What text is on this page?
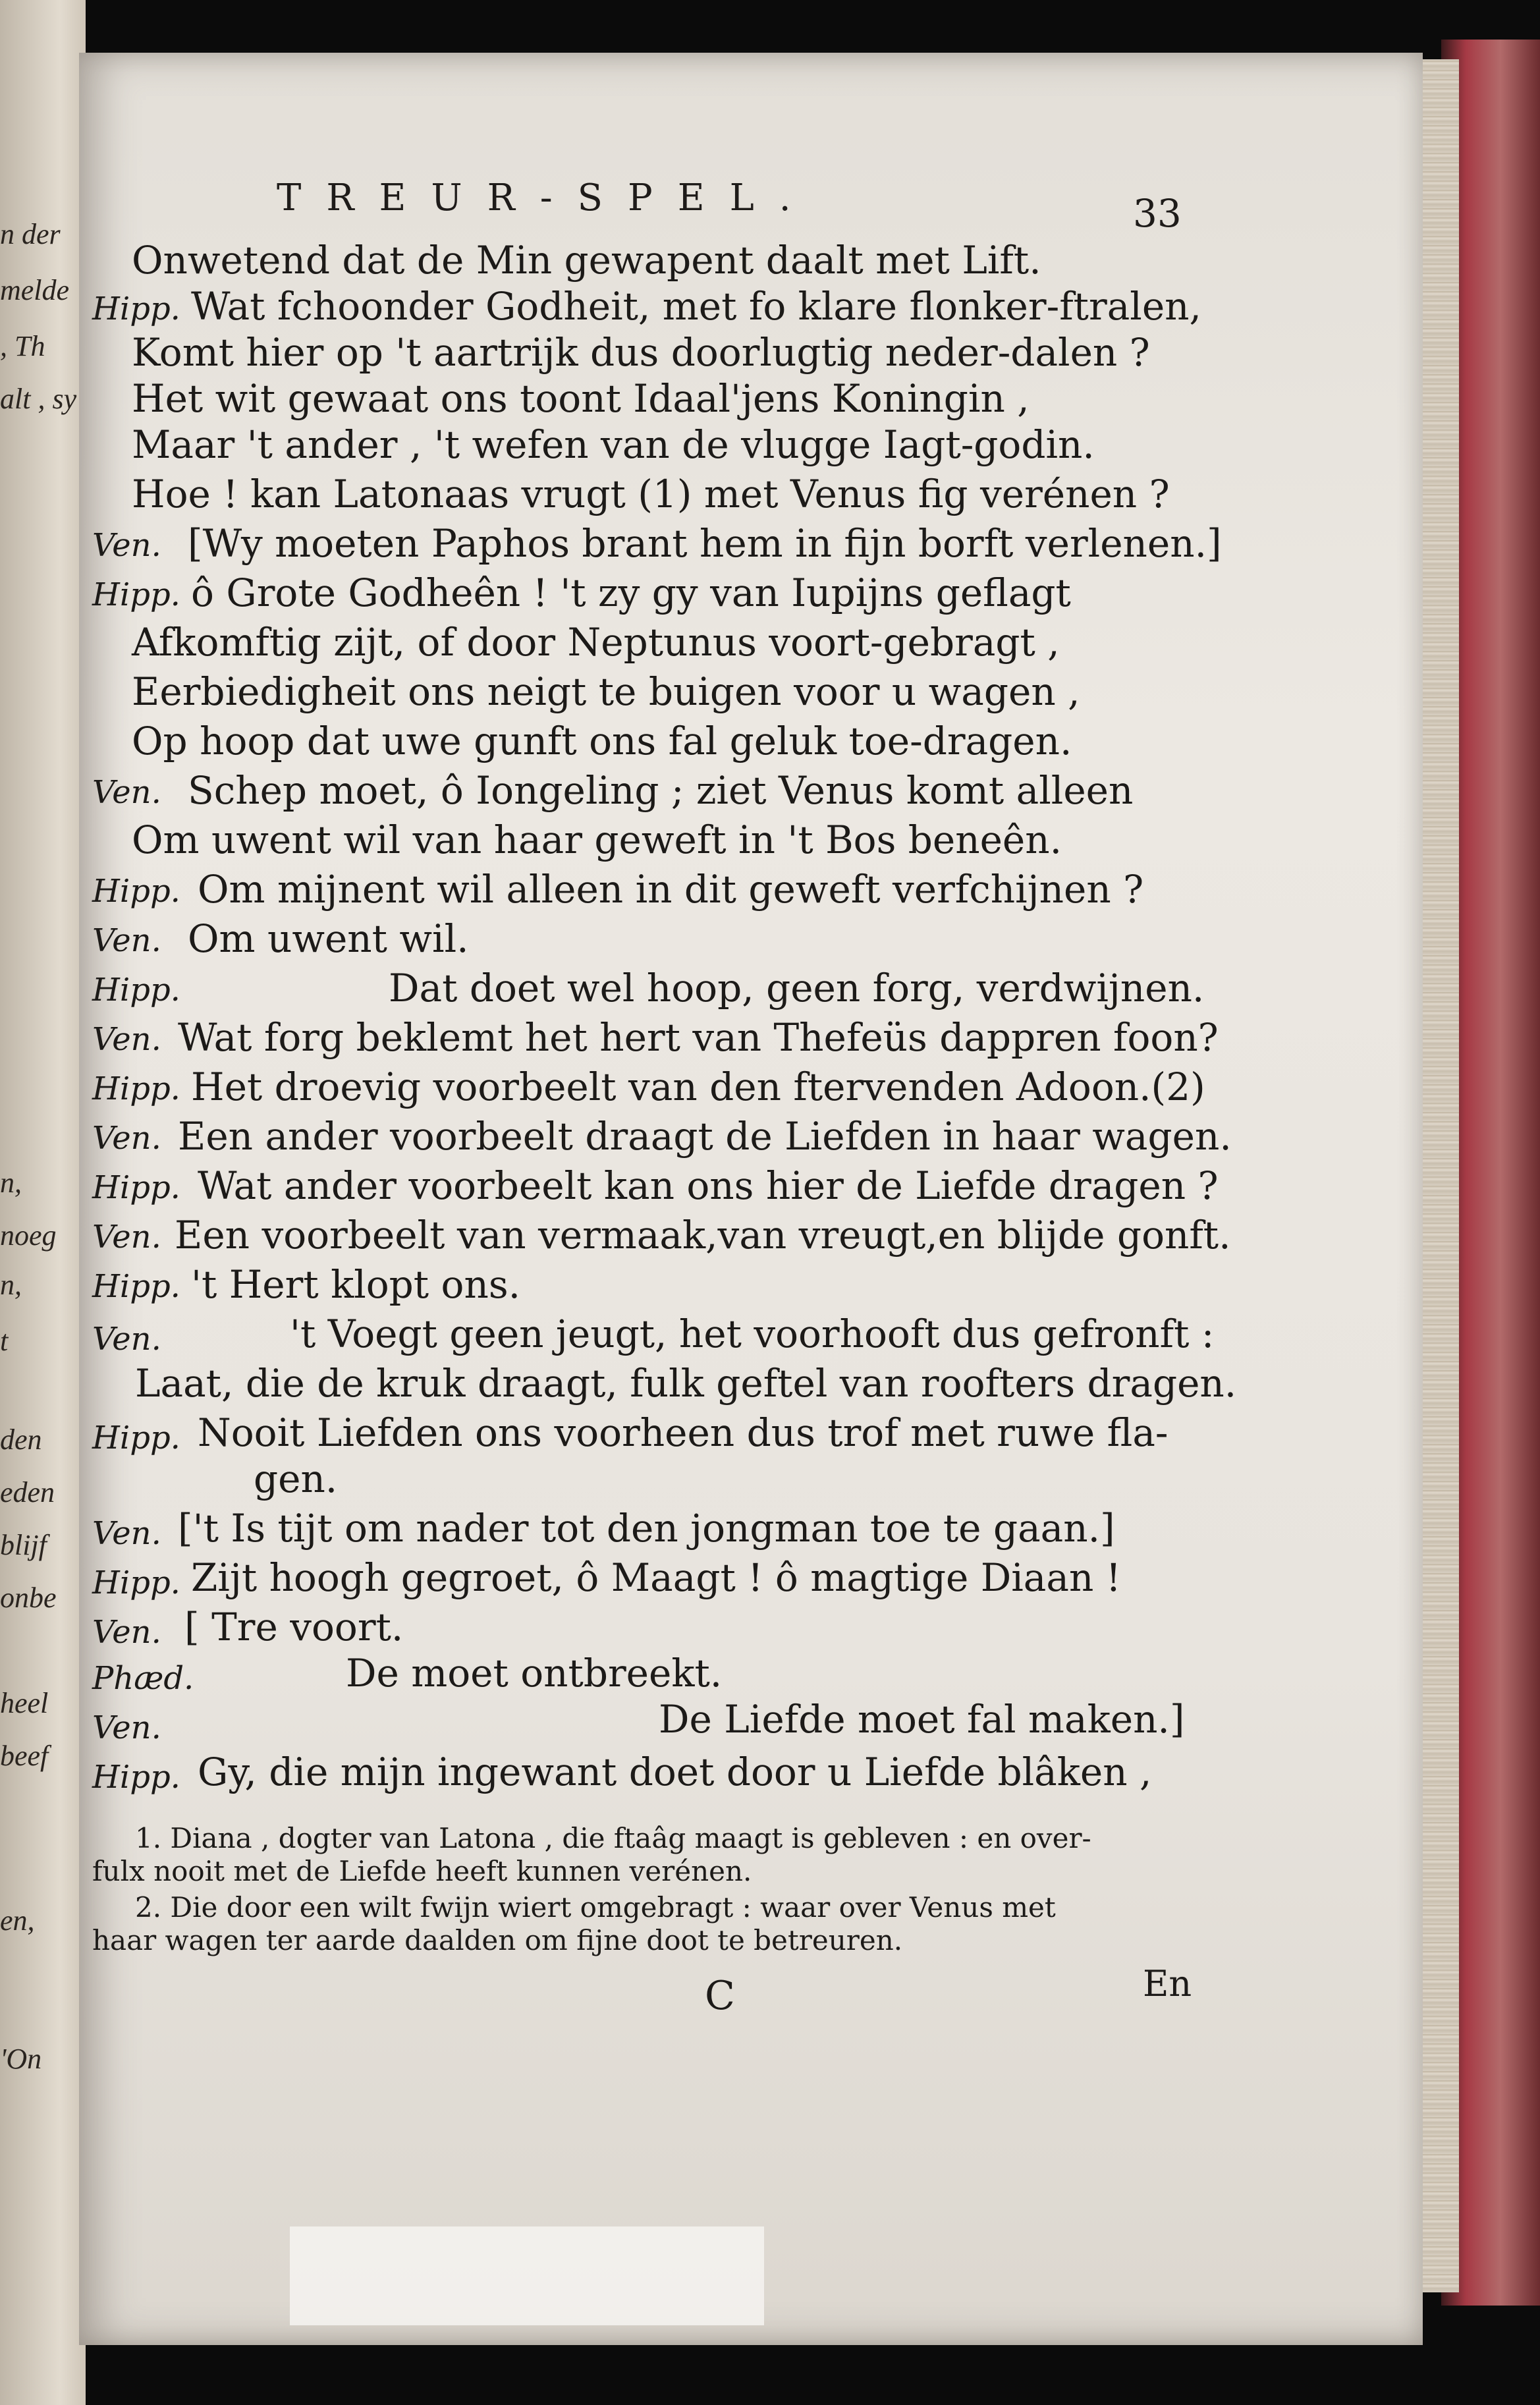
n der
melde
, Th
alt , sy
n,
noeg
n,
t
den
eden
blijf
onbe
heel
beef
en,
'On
TREUR-SPEL.	33
Onwetend dat de Min gewapent daalt met Lift.
Hipp. Wat fchoonder Godheit, met fo klare flonker-ftralen,
Komt hier op 't aartrijk dus doorlugtig neder-dalen ?
Het wit gewaat ons toont Idaal'jens Koningin ,
Maar 't ander , 't wefen van de vlugge Iagt-godin.
Hoe ! kan Latonaas vrugt (1) met Venus fig verénen ?
Ven. [Wy moeten Paphos brant hem in fijn borft verlenen.]
Hipp. ô Grote Godheên ! 't zy gy van Iupijns geflagt
Afkomftig zijt, of door Neptunus voort-gebragt ,
Eerbiedigheit ons neigt te buigen voor u wagen ,
Op hoop dat uwe gunft ons fal geluk toe-dragen.
Ven. Schep moet, ô Iongeling ; ziet Venus komt alleen
Om uwent wil van haar geweft in 't Bos beneên.
Hipp. Om mijnent wil alleen in dit geweft verfchijnen ?
Ven. Om uwent wil.
Hipp.	Dat doet wel hoop, geen forg, verdwijnen.
Ven. Wat forg beklemt het hert van Thefeüs dappren foon?
Hipp. Het droevig voorbeelt van den ftervenden Adoon.(2)
Ven. Een ander voorbeelt draagt de Liefden in haar wagen.
Hipp. Wat ander voorbeelt kan ons hier de Liefde dragen ?
Ven. Een voorbeelt van vermaak,van vreugt,en blijde gonft.
Hipp. 't Hert klopt ons.
Ven.	't Voegt geen jeugt, het voorhooft dus gefronft :
Laat, die de kruk draagt, fulk geftel van roofters dragen.
Hipp. Nooit Liefden ons voorheen dus trof met ruwe fla-
gen.
Ven. ['t Is tijt om nader tot den jongman toe te gaan.]
Hipp. Zijt hoogh gegroet, ô Maagt ! ô magtige Diaan !
Ven. [ Tre voort.
Phæd.	De moet ontbreekt.
Ven.	De Liefde moet fal maken.]
Hipp. Gy, die mijn ingewant doet door u Liefde blâken ,
1. Diana , dogter van Latona , die ftaâg maagt is gebleven : en over-
fulx nooit met de Liefde heeft kunnen verénen.
2. Die door een wilt fwijn wiert omgebragt : waar over Venus met
haar wagen ter aarde daalden om fijne doot te betreuren.
C	En
